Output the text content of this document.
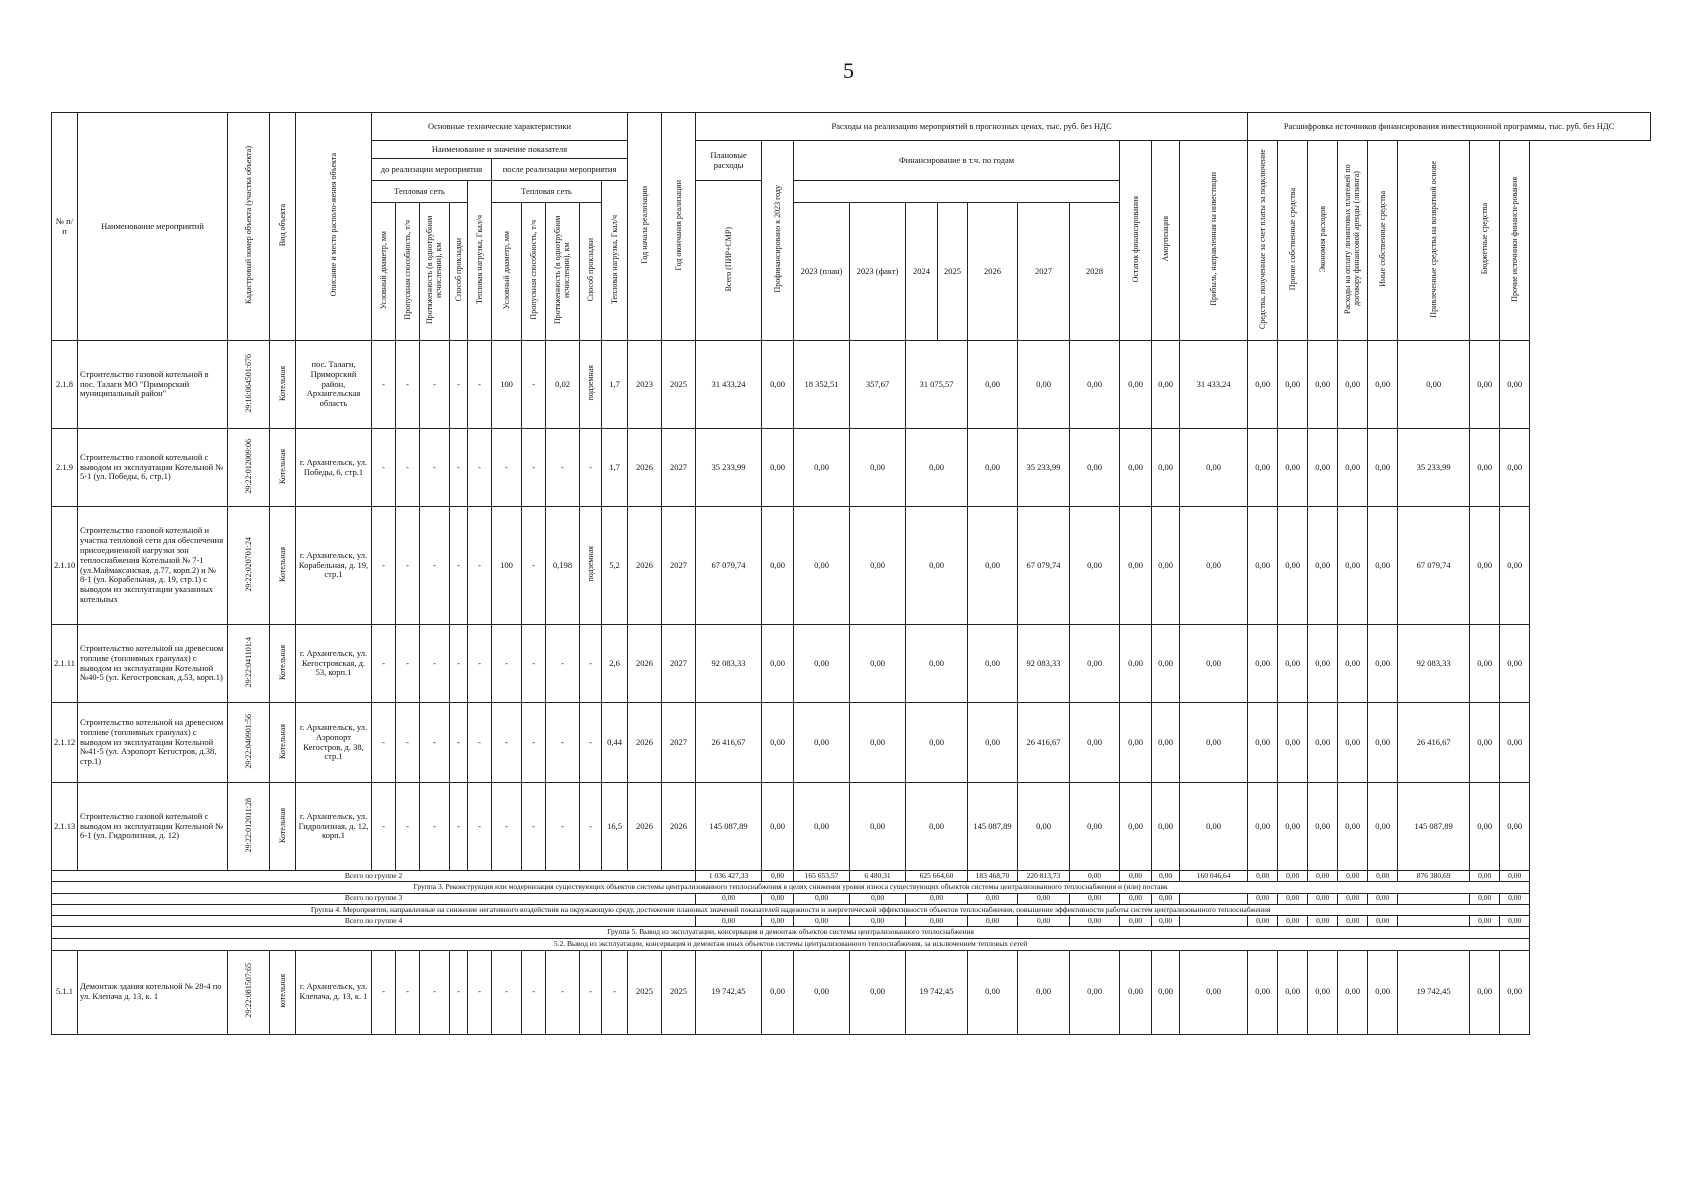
5
№ п/п	Наименование мероприятий	Кадастровый номер объекта (участка объекта)	Вид объекта	Описание и место располо-жения объекта	Основные технические характеристики										Год начала реализации	Год окончания реализации	Расходы на реализацию мероприятий в прогнозных ценах, тыс. руб. без НДС												Расшифровка источников финансирования инвестиционной программы, тыс. руб. без НДС							
					Наименование и значение показателя												Плановые расходы	Профинансировано к 2023 году	Финансирование в т.ч. по годам							Остаток финансирования	Амортизация	Прибыль, направленная на инвестиции	Средства, полученные за счет платы за подключение	Прочие собственные средства	Экономия расходов	Расходы на оплату лизинговых платежей по договору финансовой аренды (лизинга)	Иные собственные средства	Привлеченные средства на возвратной основе	Бюджетные средства	Прочие источники финанси-рования
					до реализации мероприятия					после реализации мероприятия																										
					Тепловая сеть				Тепловая нагрузка, Гкал/ч	Тепловая сеть				Тепловая нагрузка, Гкал/ч			Всего (ПИР+СМР)																			
					Условный диаметр, мм	Пропускная способность, т/ч	Протяженность (в однотрубном исчислении), км	Способ прокладки		Условный диаметр, мм	Пропускная способность, т/ч	Протяженность (в однотрубном исчислении), км	Способ прокладки						2023 (план)	2023 (факт)	2024	2025	2026	2027	2028											
2.1.8	Строительство газовой котельной в пос. Талаги МО "Приморский муниципальный район"	29:16:064501:676	Котельная	пос. Талаги, Приморский район, Архангельская область	-	-	-	-	-	100	-	0,02	подземная	1,7	2023	2025	31 433,24	0,00	18 352,51	357,67	31 075,57		0,00	0,00	0,00	0,00	0,00	31 433,24	0,00	0,00	0,00	0,00	0,00	0,00	0,00	0,00
2.1.9	Строительство газовой котельной с выводом из эксплуатации Котельной № 5-1 (ул. Победы, 6, стр.1)	29:22:012009:06	Котельная	г. Архангельск, ул. Победы, 6, стр.1	-	-	-	-	-	-	-	-	-	1,7	2026	2027	35 233,99	0,00	0,00	0,00	0,00		0,00	35 233,99	0,00	0,00	0,00	0,00	0,00	0,00	0,00	0,00	0,00	35 233,99	0,00	0,00
2.1.10	Строительство газовой котельной и участка тепловой сети для обеспечения присоединенной нагрузки зон теплоснабжения Котельной № 7-1 (ул.Маймаксанская, д.77, корп.2) и № 8-1 (ул. Корабельная, д. 19, стр.1) с выводом из эксплуатации указанных котельных	29:22:020701:24	Котельная	г. Архангельск, ул. Корабельная, д. 19, стр.1	-	-	-	-	-	100	-	0,198	подземная	5,2	2026	2027	67 079,74	0,00	0,00	0,00	0,00		0,00	67 079,74	0,00	0,00	0,00	0,00	0,00	0,00	0,00	0,00	0,00	67 079,74	0,00	0,00
2.1.11	Строительство котельной на древесном топливе (топливных гранулах) с выводом из эксплуатации Котельной №40-5 (ул. Кегостровская, д.53, корп.1)	29:22:041101:4	Котельная	г. Архангельск, ул. Кегостровская, д. 53, корп.1	-	-	-	-	-	-	-	-	-	2,6	2026	2027	92 083,33	0,00	0,00	0,00	0,00		0,00	92 083,33	0,00	0,00	0,00	0,00	0,00	0,00	0,00	0,00	0,00	92 083,33	0,00	0,00
2.1.12	Строительство котельной на древесном топливе (топливных гранулах) с выводом из эксплуатации Котельной №41-5 (ул. Аэропорт Кегостров, д.38, стр.1)	29:22:040901:56	Котельная	г. Архангельск, ул. Аэропорт Кегостров, д. 38, стр.1	-	-	-	-	-	-	-	-	-	0,44	2026	2027	26 416,67	0,00	0,00	0,00	0,00		0,00	26 416,67	0,00	0,00	0,00	0,00	0,00	0,00	0,00	0,00	0,00	26 416,67	0,00	0,00
2.1.13	Строительство газовой котельной с выводом из эксплуатации Котельной № 6-1 (ул. Гидролизная, д. 12)	29:22:012011:28	Котельная	г. Архангельск, ул. Гидролизная, д. 12, корп.1	-	-	-	-	-	-	-	-	-	16,5	2026	2026	145 087,89	0,00	0,00	0,00	0,00		145 087,89	0,00	0,00	0,00	0,00	0,00	0,00	0,00	0,00	0,00	0,00	145 087,89	0,00	0,00
Всего по группе 2																	1 036 427,33	0,00	165 653,57	6 480,31	625 664,60		183 468,70	220 813,73	0,00	0,00	0,00	160 046,64	0,00	0,00	0,00	0,00	0,00	876 380,69	0,00	0,00
Группа 3. Реконструкция или модернизация существующих объектов системы централизованного теплоснабжения в целях снижения уровня износа существующих объектов системы централизованного теплоснабжения и (или) поставк																																				
Всего по группе 3																	0,00	0,00	0,00	0,00	0,00		0,00	0,00	0,00	0,00	0,00		0,00	0,00	0,00	0,00	0,00		0,00	0,00
Группа 4. Мероприятия, направленные на снижение негативного воздействия на окружающую среду, достижение плановых значений показателей надежности и энергетической эффективности объектов теплоснабжения, повышение эффективности работы систем централизованного теплоснабжения																																				
Всего по группе 4																	0,00	0,00	0,00	0,00	0,00		0,00	0,00	0,00	0,00	0,00		0,00	0,00	0,00	0,00	0,00		0,00	0,00
Группа 5. Вывод из эксплуатации, консервация и демонтаж объектов системы централизованного теплоснабжения																																				
5.2. Вывод из эксплуатации, консервация и демонтаж иных объектов системы централизованного теплоснабжения, за исключением тепловых сетей																																				
5.1.1	Демонтаж здания котельной № 28-4 по ул. Клепача д. 13, к. 1	29:22:081507:65	котельная	г. Архангельск, ул. Клепача, д. 13, к. 1	-	-	-	-	-	-	-	-	-	-	2025	2025	19 742,45	0,00	0,00	0,00	19 742,45		0,00	0,00	0,00	0,00	0,00	0,00	0,00	0,00	0,00	0,00	0,00	19 742,45	0,00	0,00
